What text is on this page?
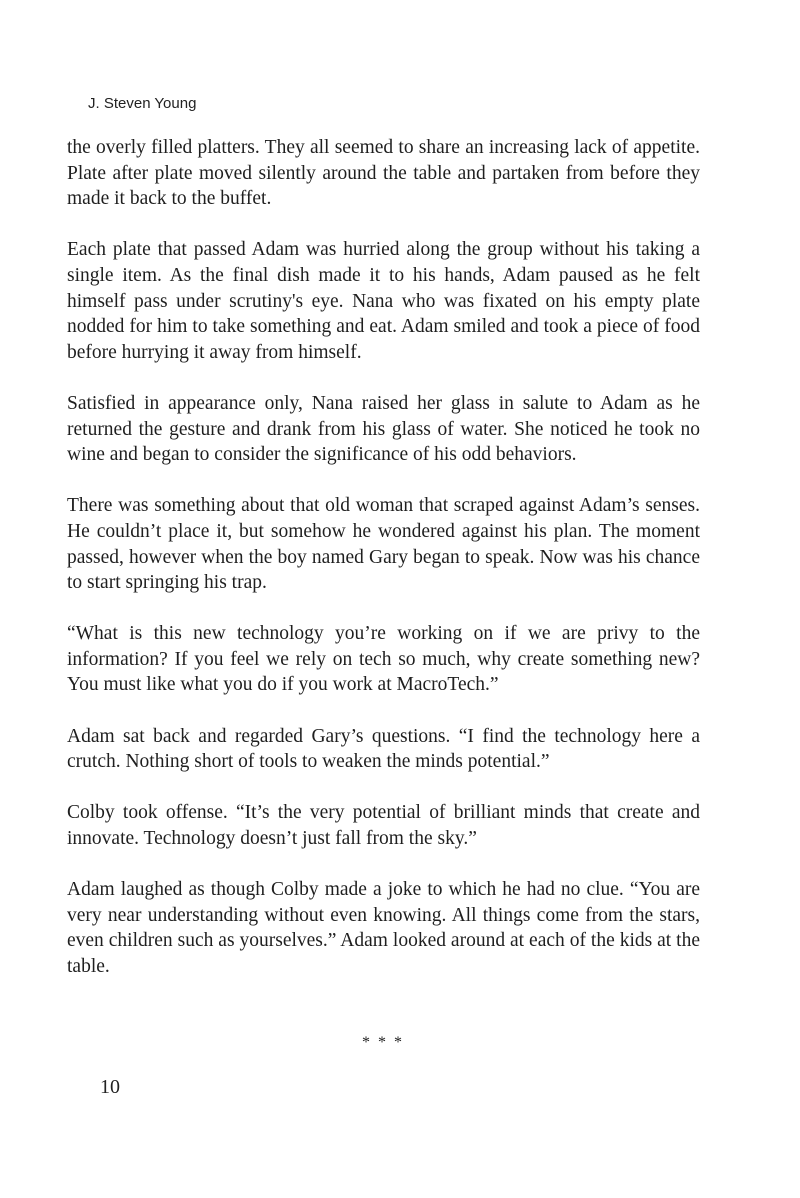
J. Steven Young

the overly filled platters. They all seemed to share an increasing lack of appetite. Plate after plate moved silently around the table and partaken from before they made it back to the buffet.

Each plate that passed Adam was hurried along the group without his taking a single item. As the final dish made it to his hands, Adam paused as he felt himself pass under scrutiny's eye. Nana who was fixated on his empty plate nodded for him to take something and eat. Adam smiled and took a piece of food before hurrying it away from himself.

Satisfied in appearance only, Nana raised her glass in salute to Adam as he returned the gesture and drank from his glass of water. She noticed he took no wine and began to consider the significance of his odd behaviors.

There was something about that old woman that scraped against Adam’s senses. He couldn’t place it, but somehow he wondered against his plan. The moment passed, however when the boy named Gary began to speak. Now was his chance to start springing his trap.

“What is this new technology you’re working on if we are privy to the information? If you feel we rely on tech so much, why create something new? You must like what you do if you work at MacroTech.”

Adam sat back and regarded Gary’s questions. “I find the technology here a crutch. Nothing short of tools to weaken the minds potential.”

Colby took offense. “It’s the very potential of brilliant minds that create and innovate. Technology doesn’t just fall from the sky.”

Adam laughed as though Colby made a joke to which he had no clue. “You are very near understanding without even knowing. All things come from the stars, even children such as yourselves.” Adam looked around at each of the kids at the table.

* * *
10
